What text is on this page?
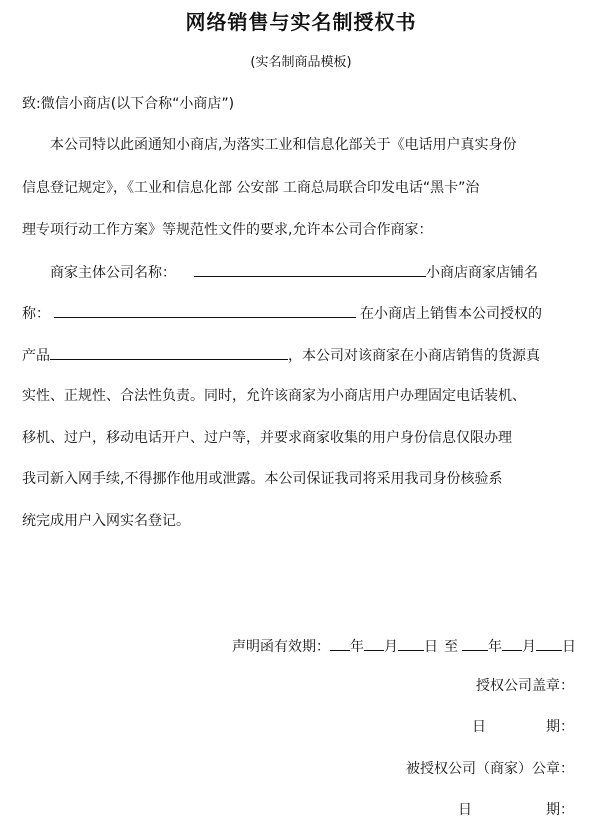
网络销售与实名制授权书
(实名制商品模板)
致:微信小商店(以下合称“小商店”)
本公司特以此函通知小商店,为落实工业和信息化部关于《电话用户真实身份
信息登记规定》，《工业和信息化部 公安部 工商总局联合印发电话“黑卡”治
理专项行动工作方案》等规范性文件的要求,允许本公司合作商家：
商家主体公司名称：	小商店商家店铺名
称：	在小商店上销售本公司授权的
产品	，本公司对该商家在小商店销售的货源真
实性、正规性、合法性负责。同时，允许该商家为小商店用户办理固定电话装机、
移机、过户，移动电话开户、过户等，并要求商家收集的用户身份信息仅限办理
我司新入网手续,不得挪作他用或泄露。本公司保证我司将采用我司身份核验系
统完成用户入网实名登记。
声明函有效期： 年 月 日 至 年 月 日
授权公司盖章：
日	期：
被授权公司（商家）公章：
日	期：
